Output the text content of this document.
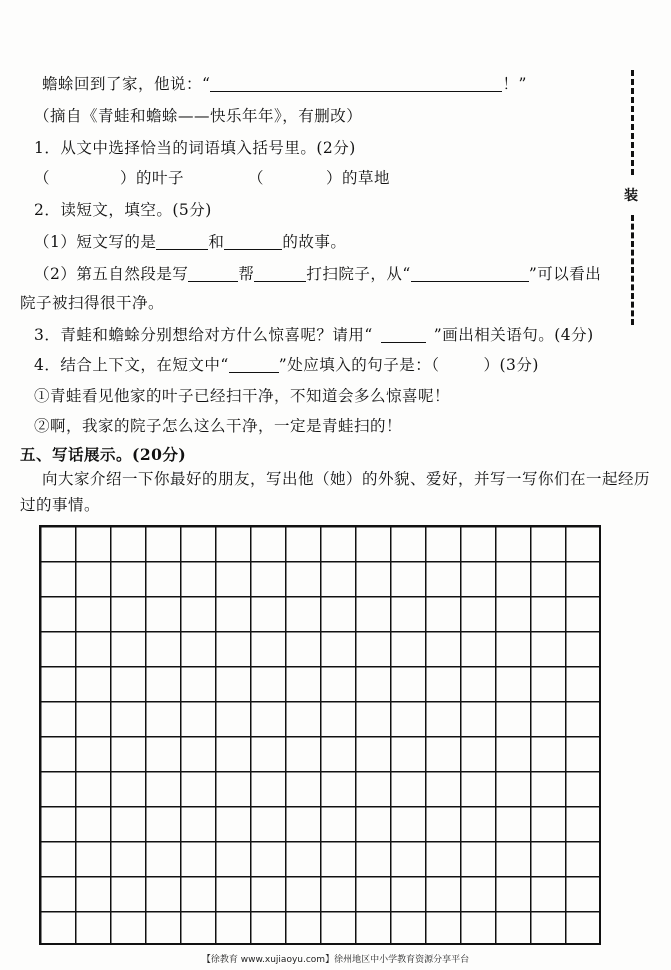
蟾蜍回到了家，他说：“	！”
（摘自《青蛙和蟾蜍——快乐年年》，有删改）
1．从文中选择恰当的词语填入括号里。(2分)
（	）的叶子	（	）的草地
2．读短文，填空。(5分)
（1）短文写的是	和	的故事。
（2）第五自然段是写	帮	打扫院子，从“	”可以看出
院子被扫得很干净。
3．青蛙和蟾蜍分别想给对方什么惊喜呢？请用“	”画出相关语句。(4分)
4．结合上下文，在短文中“	”处应填入的句子是：（	）(3分)
①青蛙看见他家的叶子已经扫干净，不知道会多么惊喜呢！
②啊，我家的院子怎么这么干净，一定是青蛙扫的！
五、写话展示。(20分)
向大家介绍一下你最好的朋友，写出他（她）的外貌、爱好，并写一写你们在一起经历
过的事情。
装
【徐教育 www.xujiaoyu.com】徐州地区中小学教育资源分享平台
